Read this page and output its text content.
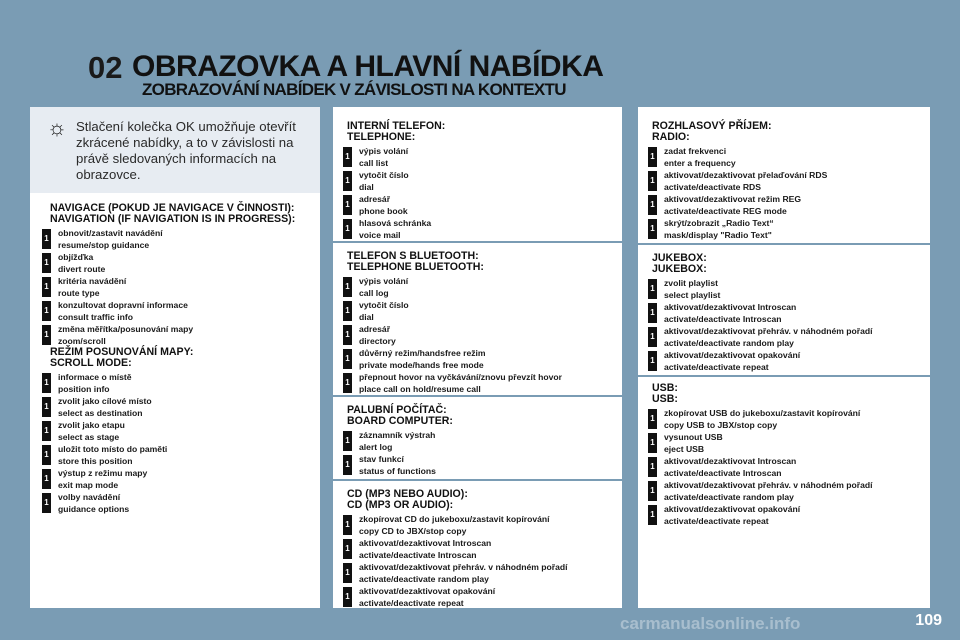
02 OBRAZOVKA A HLAVNÍ NABÍDKA
ZOBRAZOVÁNÍ NABÍDEK V ZÁVISLOSTI NA KONTEXTU
☼ Stlačení kolečka OK umožňuje otevřít zkrácené nabídky, a to v závislosti na právě sledovaných informacích na obrazovce.
NAVIGACE (POKUD JE NAVIGACE V ČINNOSTI):
NAVIGATION (IF NAVIGATION IS IN PROGRESS):
1
obnovit/zastavit navádění
resume/stop guidance
1
objížďka
divert route
1
kritéria navádění
route type
1
konzultovat dopravní informace
consult traffic info
1
změna měřítka/posunování mapy
zoom/scroll
REŽIM POSUNOVÁNÍ MAPY:
SCROLL MODE:
1
informace o místě
position info
1
zvolit jako cílové místo
select as destination
1
zvolit jako etapu
select as stage
1
uložit toto místo do paměti
store this position
1
výstup z režimu mapy
exit map mode
1
volby navádění
guidance options
INTERNÍ TELEFON:
TELEPHONE:
1
výpis volání
call list
1
vytočit číslo
dial
1
adresář
phone book
1
hlasová schránka
voice mail
TELEFON S BLUETOOTH:
TELEPHONE BLUETOOTH:
1
výpis volání
call log
1
vytočit číslo
dial
1
adresář
directory
1
důvěrný režim/handsfree režim
private mode/hands free mode
1
přepnout hovor na vyčkávání/znovu převzít hovor
place call on hold/resume call
PALUBNÍ POČÍTAČ:
BOARD COMPUTER:
1
záznamník výstrah
alert log
1
stav funkcí
status of functions
CD (MP3 NEBO AUDIO):
CD (MP3 OR AUDIO):
1
zkopírovat CD do jukeboxu/zastavit kopírování
copy CD to JBX/stop copy
1
aktivovat/dezaktivovat Introscan
activate/deactivate Introscan
1
aktivovat/dezaktivovat přehráv. v náhodném pořadí
activate/deactivate random play
1
aktivovat/dezaktivovat opakování
activate/deactivate repeat
ROZHLASOVÝ PŘÍJEM:
RADIO:
1
zadat frekvenci
enter a frequency
1
aktivovat/dezaktivovat přelaďování RDS
activate/deactivate RDS
1
aktivovat/dezaktivovat režim REG
activate/deactivate REG mode
1
skrýt/zobrazit „Radio Text“
mask/display "Radio Text"
JUKEBOX:
JUKEBOX:
1
zvolit playlist
select playlist
1
aktivovat/dezaktivovat Introscan
activate/deactivate Introscan
1
aktivovat/dezaktivovat přehráv. v náhodném pořadí
activate/deactivate random play
1
aktivovat/dezaktivovat opakování
activate/deactivate repeat
USB:
USB:
1
zkopírovat USB do jukeboxu/zastavit kopírování
copy USB to JBX/stop copy
1
vysunout USB
eject USB
1
aktivovat/dezaktivovat Introscan
activate/deactivate Introscan
1
aktivovat/dezaktivovat přehráv. v náhodném pořadí
activate/deactivate random play
1
aktivovat/dezaktivovat opakování
activate/deactivate repeat
carmanualsonline.info	109
